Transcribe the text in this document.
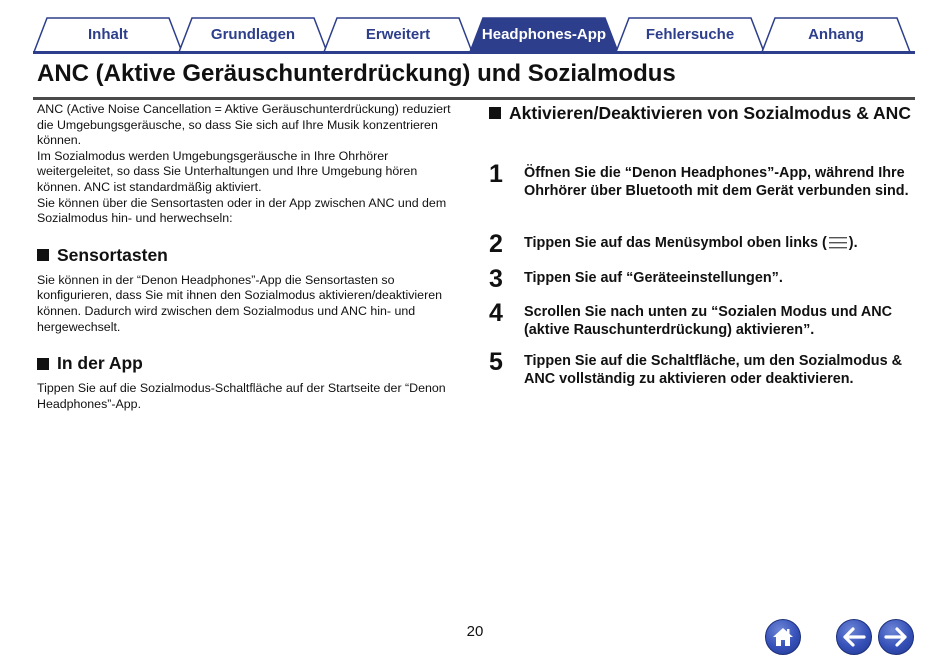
Inhalt	Grundlagen	Erweitert	Headphones-App	Fehlersuche	Anhang
ANC (Aktive Geräuschunterdrückung) und Sozialmodus

ANC (Active Noise Cancellation = Aktive Geräuschunterdrückung) reduziert die Umgebungsgeräusche, so dass Sie sich auf Ihre Musik konzentrieren können.

Im Sozialmodus werden Umgebungsgeräusche in Ihre Ohrhörer weitergeleitet, so dass Sie Unterhaltungen und Ihre Umgebung hören können. ANC ist standardmäßig aktiviert.

Sie können über die Sensortasten oder in der App zwischen ANC und dem Sozialmodus hin- und herwechseln:

Sensortasten

Sie können in der “Denon Headphones”-App die Sensortasten so konfigurieren, dass Sie mit ihnen den Sozialmodus aktivieren/deaktivieren können. Dadurch wird zwischen dem Sozialmodus und ANC hin- und hergewechselt.

In der App

Tippen Sie auf die Sozialmodus-Schaltfläche auf der Startseite der “Denon Headphones”-App.

Aktivieren/Deaktivieren von Sozialmodus & ANC
1 Öffnen Sie die “Denon Headphones”-App, während Ihre Ohrhörer über Bluetooth mit dem Gerät verbunden sind.
2 Tippen Sie auf das Menüsymbol oben links ( ).
3 Tippen Sie auf “Geräteeinstellungen”.
4 Scrollen Sie nach unten zu “Sozialen Modus und ANC (aktive Rauschunterdrückung) aktivieren”.
5 Tippen Sie auf die Schaltfläche, um den Sozialmodus & ANC vollständig zu aktivieren oder deaktivieren.
20
